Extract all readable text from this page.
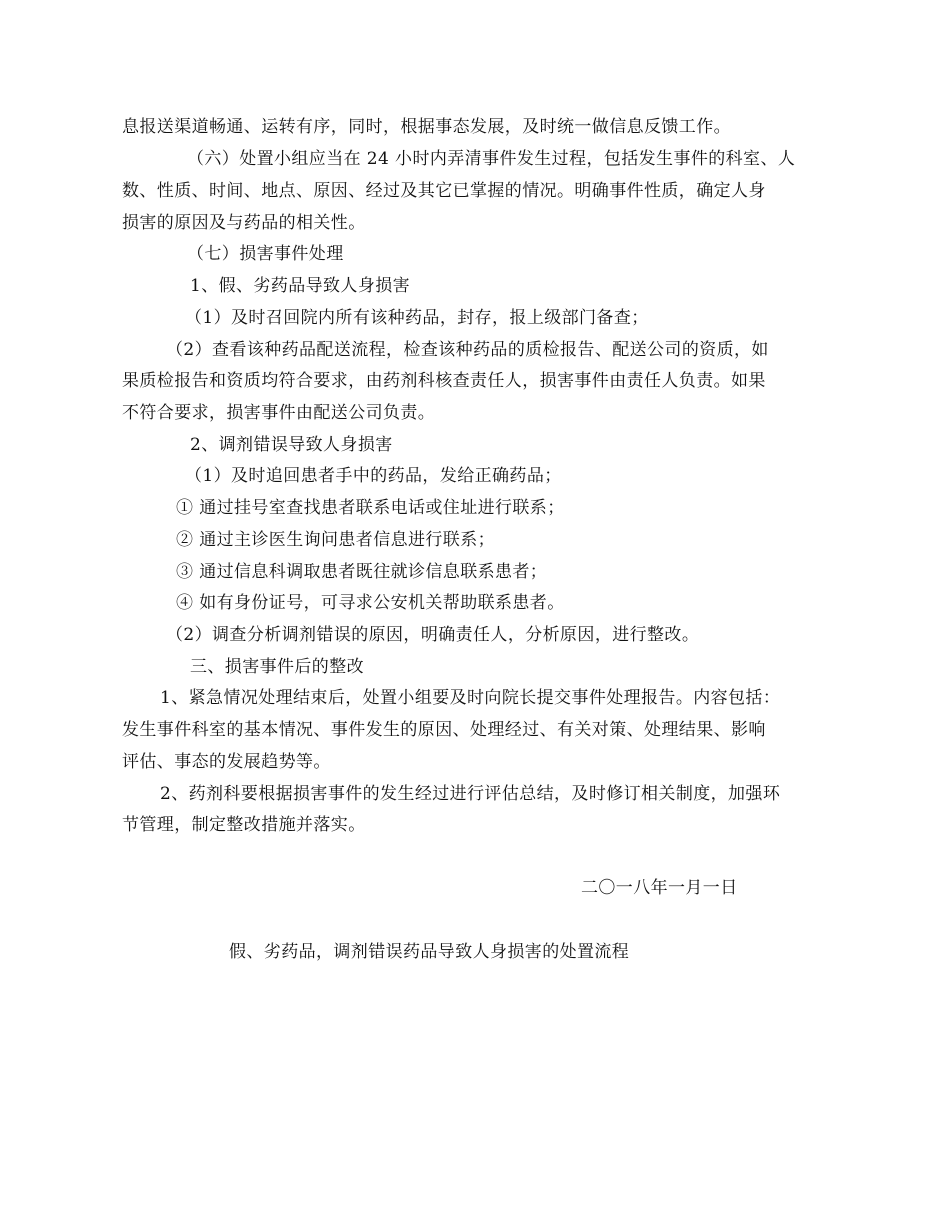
息报送渠道畅通、运转有序，同时，根据事态发展，及时统一做信息反馈工作。
（六）处置小组应当在 24 小时内弄清事件发生过程，包括发生事件的科室、人
数、性质、时间、地点、原因、经过及其它已掌握的情况。明确事件性质，确定人身
损害的原因及与药品的相关性。
（七）损害事件处理
1、假、劣药品导致人身损害
（1）及时召回院内所有该种药品，封存，报上级部门备查；
（2）查看该种药品配送流程，检查该种药品的质检报告、配送公司的资质，如
果质检报告和资质均符合要求，由药剂科核查责任人，损害事件由责任人负责。如果
不符合要求，损害事件由配送公司负责。
2、调剂错误导致人身损害
（1）及时追回患者手中的药品，发给正确药品；
① 通过挂号室查找患者联系电话或住址进行联系；
② 通过主诊医生询问患者信息进行联系；
③ 通过信息科调取患者既往就诊信息联系患者；
④ 如有身份证号，可寻求公安机关帮助联系患者。
（2）调查分析调剂错误的原因，明确责任人，分析原因，进行整改。
三、损害事件后的整改
1、紧急情况处理结束后，处置小组要及时向院长提交事件处理报告。内容包括：
发生事件科室的基本情况、事件发生的原因、处理经过、有关对策、处理结果、影响
评估、事态的发展趋势等。
2、药剂科要根据损害事件的发生经过进行评估总结，及时修订相关制度，加强环
节管理，制定整改措施并落实。
二〇一八年一月一日
假、劣药品，调剂错误药品导致人身损害的处置流程
